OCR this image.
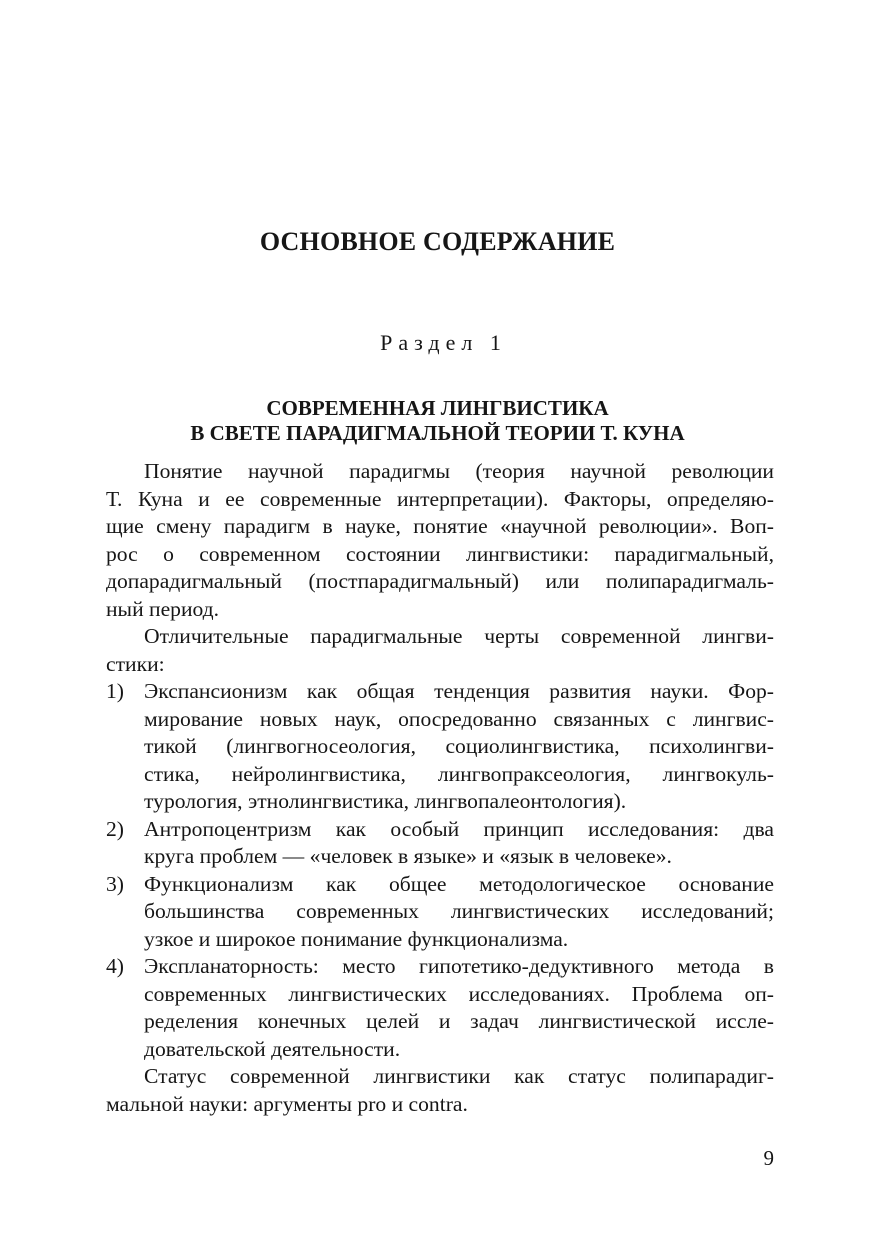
ОСНОВНОЕ СОДЕРЖАНИЕ

Раздел 1

СОВРЕМЕННАЯ ЛИНГВИСТИКА
В СВЕТЕ ПАРАДИГМАЛЬНОЙ ТЕОРИИ Т. КУНА
Понятие научной парадигмы (теория научной революции
Т. Куна и ее современные интерпретации). Факторы, определяю-
щие смену парадигм в науке, понятие «научной революции». Воп-
рос о современном состоянии лингвистики: парадигмальный,
допарадигмальный (постпарадигмальный) или полипарадигмаль-
ный период.
Отличительные парадигмальные черты современной лингви-
стики:
1) Экспансионизм как общая тенденция развития науки. Фор-
мирование новых наук, опосредованно связанных с лингвис-
тикой (лингвогносеология, социолингвистика, психолингви-
стика, нейролингвистика, лингвопраксеология, лингвокуль-
турология, этнолингвистика, лингвопалеонтология).
2) Антропоцентризм как особый принцип исследования: два
круга проблем — «человек в языке» и «язык в человеке».
3) Функционализм как общее методологическое основание
большинства современных лингвистических исследований;
узкое и широкое понимание функционализма.
4) Экспланаторность: место гипотетико-дедуктивного метода в
современных лингвистических исследованиях. Проблема оп-
ределения конечных целей и задач лингвистической иссле-
довательской деятельности.
Статус современной лингвистики как статус полипарадиг-
мальной науки: аргументы pro и contra.

9
